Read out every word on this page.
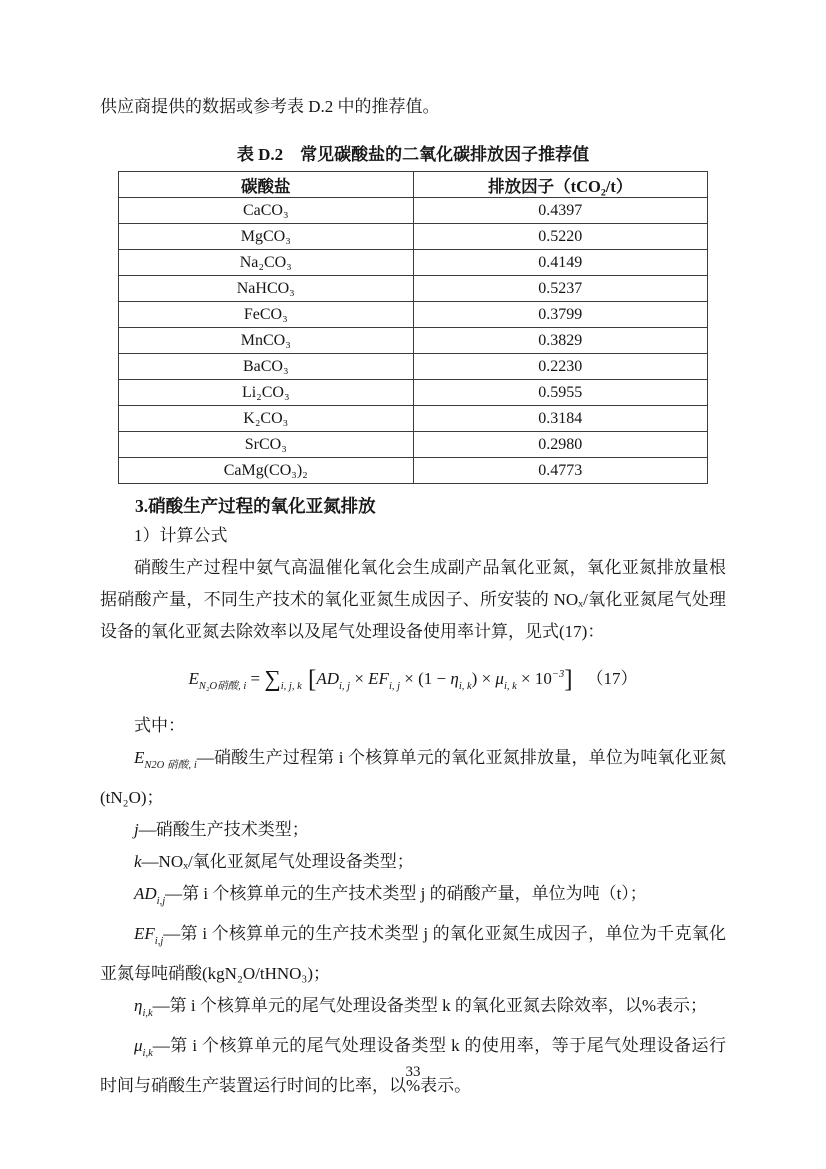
供应商提供的数据或参考表 D.2 中的推荐值。

表 D.2　常见碳酸盐的二氧化碳排放因子推荐值
碳酸盐	排放因子（tCO₂/t）
CaCO₃	0.4397
MgCO₃	0.5220
Na₂CO₃	0.4149
NaHCO₃	0.5237
FeCO₃	0.3799
MnCO₃	0.3829
BaCO₃	0.2230
Li₂CO₃	0.5955
K₂CO₃	0.3184
SrCO₃	0.2980
CaMg(CO₃)₂	0.4773
3.硝酸生产过程的氧化亚氮排放

1）计算公式

硝酸生产过程中氨气高温催化氧化会生成副产品氧化亚氮，氧化亚氮排放量根据硝酸产量，不同生产技术的氧化亚氮生成因子、所安装的 NOₓ/氧化亚氮尾气处理设备的氧化亚氮去除效率以及尾气处理设备使用率计算，见式(17)：

$E_{N_2O硝酸, i} = \sum_{i, j, k}$ $[AD_{i, j} \times EF_{i, j} \times (1 - \eta_{i, k}) \times \mu_{i, k} \times 10^{-3}]$ （17）

式中：

$E_{N2O 硝酸, i}—$硝酸生产过程第 i 个核算单元的氧化亚氮排放量，单位为吨氧化亚氮(tN₂O)；

j—硝酸生产技术类型；

k—NOₓ/氧化亚氮尾气处理设备类型；

$AD_{i,j}—$第 i 个核算单元的生产技术类型 j 的硝酸产量，单位为吨（t）；

$EF_{i,j}—$第 i 个核算单元的生产技术类型 j 的氧化亚氮生成因子，单位为千克氧化亚氮每吨硝酸(kgN₂O/tHNO₃)；

$\eta_{i,k}—$第 i 个核算单元的尾气处理设备类型 k 的氧化亚氮去除效率，以%表示；

$\mu_{i,k}—$第 i 个核算单元的尾气处理设备类型 k 的使用率，等于尾气处理设备运行时间与硝酸生产装置运行时间的比率，以%表示。

33
